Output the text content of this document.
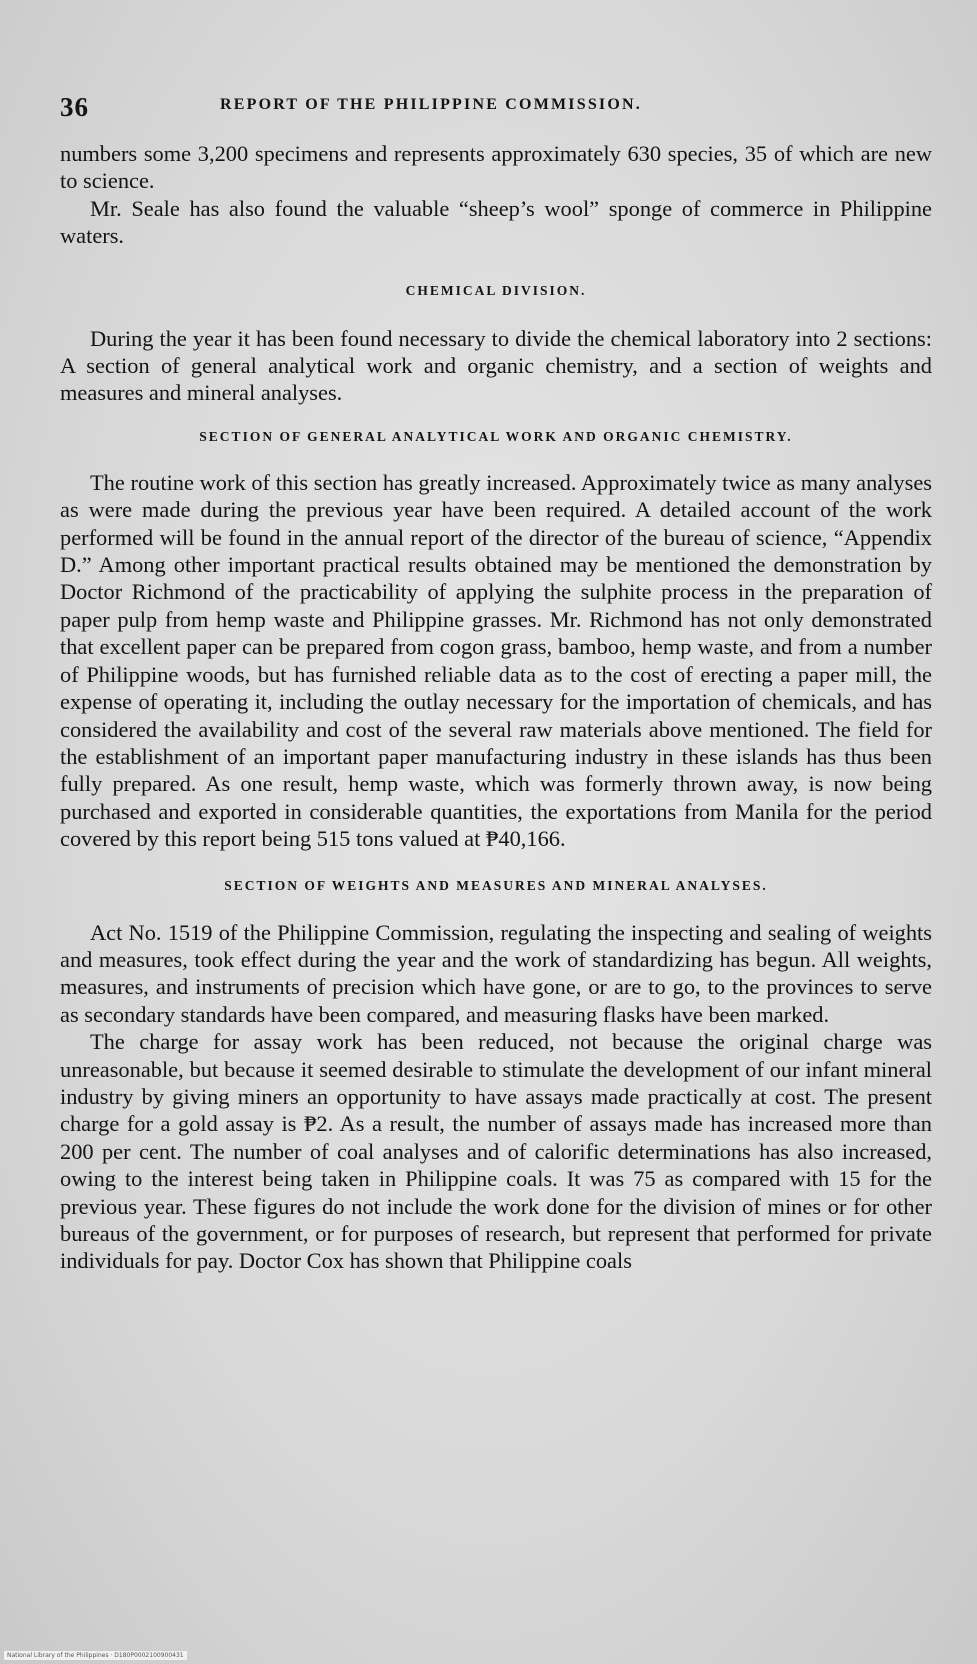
36	REPORT OF THE PHILIPPINE COMMISSION.

numbers some 3,200 specimens and represents approximately 630 species, 35 of which are new to science.

Mr. Seale has also found the valuable “sheep’s wool” sponge of commerce in Philippine waters.

CHEMICAL DIVISION.

During the year it has been found necessary to divide the chemical laboratory into 2 sections: A section of general analytical work and organic chemistry, and a section of weights and measures and mineral analyses.

SECTION OF GENERAL ANALYTICAL WORK AND ORGANIC CHEMISTRY.

The routine work of this section has greatly increased. Approximately twice as many analyses as were made during the previous year have been required. A detailed account of the work performed will be found in the annual report of the director of the bureau of science, “Appendix D.” Among other important practical results obtained may be mentioned the demonstration by Doctor Richmond of the practicability of applying the sulphite process in the preparation of paper pulp from hemp waste and Philippine grasses. Mr. Richmond has not only demonstrated that excellent paper can be prepared from cogon grass, bamboo, hemp waste, and from a number of Philippine woods, but has furnished reliable data as to the cost of erecting a paper mill, the expense of operating it, including the outlay necessary for the importation of chemicals, and has considered the availability and cost of the several raw materials above mentioned. The field for the establishment of an important paper manufacturing industry in these islands has thus been fully prepared. As one result, hemp waste, which was formerly thrown away, is now being purchased and exported in considerable quantities, the exportations from Manila for the period covered by this report being 515 tons valued at ₱40,166.

SECTION OF WEIGHTS AND MEASURES AND MINERAL ANALYSES.

Act No. 1519 of the Philippine Commission, regulating the inspecting and sealing of weights and measures, took effect during the year and the work of standardizing has begun. All weights, measures, and instruments of precision which have gone, or are to go, to the provinces to serve as secondary standards have been compared, and measuring flasks have been marked.

The charge for assay work has been reduced, not because the original charge was unreasonable, but because it seemed desirable to stimulate the development of our infant mineral industry by giving miners an opportunity to have assays made practically at cost. The present charge for a gold assay is ₱2. As a result, the number of assays made has increased more than 200 per cent. The number of coal analyses and of calorific determinations has also increased, owing to the interest being taken in Philippine coals. It was 75 as compared with 15 for the previous year. These figures do not include the work done for the division of mines or for other bureaus of the government, or for purposes of research, but represent that performed for private individuals for pay. Doctor Cox has shown that Philippine coals

National Library of the Philippines · D180P0002100900431
